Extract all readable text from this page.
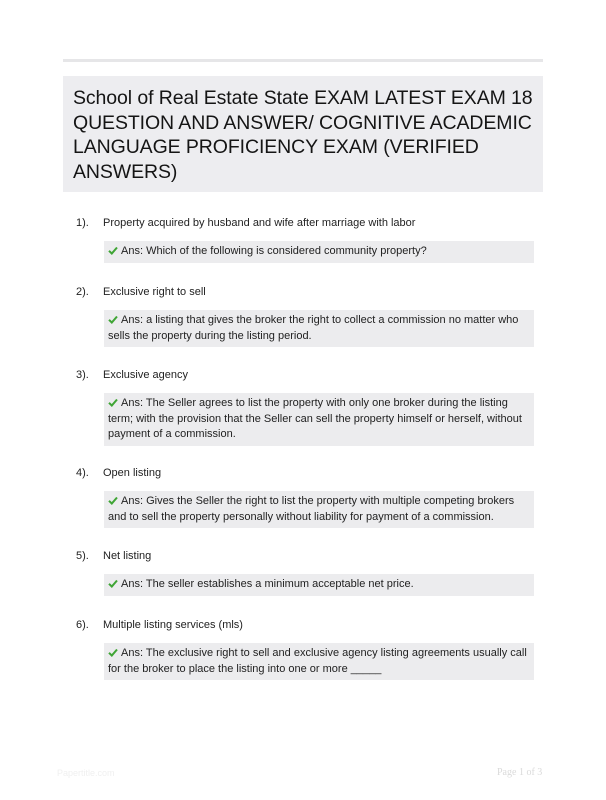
School of Real Estate State EXAM LATEST EXAM 18 QUESTION AND ANSWER/ COGNITIVE ACADEMIC LANGUAGE PROFICIENCY EXAM (VERIFIED ANSWERS)
1). Property acquired by husband and wife after marriage with labor
Ans: Which of the following is considered community property?
2). Exclusive right to sell
Ans: a listing that gives the broker the right to collect a commission no matter who sells the property during the listing period.
3). Exclusive agency
Ans: The Seller agrees to list the property with only one broker during the listing term; with the provision that the Seller can sell the property himself or herself, without payment of a commission.
4). Open listing
Ans: Gives the Seller the right to list the property with multiple competing brokers and to sell the property personally without liability for payment of a commission.
5). Net listing
Ans: The seller establishes a minimum acceptable net price.
6). Multiple listing services (mls)
Ans: The exclusive right to sell and exclusive agency listing agreements usually call for the broker to place the listing into one or more _____
Papertitle.com	Page 1 of 3
